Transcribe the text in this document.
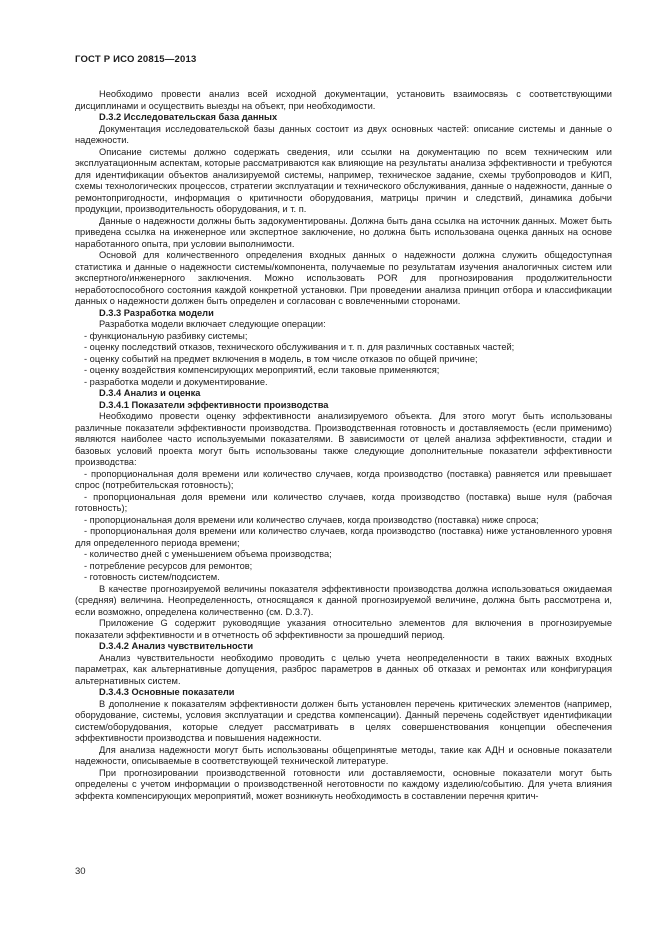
ГОСТ Р ИСО 20815—2013

Необходимо провести анализ всей исходной документации, установить взаимосвязь с соответствующими дисциплинами и осуществить выезды на объект, при необходимости.

D.3.2 Исследовательская база данных

Документация исследовательской базы данных состоит из двух основных частей: описание системы и данные о надежности.

Описание системы должно содержать сведения, или ссылки на документацию по всем техническим или эксплуатационным аспектам, которые рассматриваются как влияющие на результаты анализа эффективности и требуются для идентификации объектов анализируемой системы, например, техническое задание, схемы трубопроводов и КИП, схемы технологических процессов, стратегии эксплуатации и технического обслуживания, данные о надежности, данные о ремонтопригодности, информация о критичности оборудования, матрицы причин и следствий, динамика добычи продукции, производительность оборудования, и т. п.

Данные о надежности должны быть задокументированы. Должна быть дана ссылка на источник данных. Может быть приведена ссылка на инженерное или экспертное заключение, но должна быть использована оценка данных на основе наработанного опыта, при условии выполнимости.

Основой для количественного определения входных данных о надежности должна служить общедоступная статистика и данные о надежности системы/компонента, получаемые по результатам изучения аналогичных систем или экспертного/инженерного заключения. Можно использовать POR для прогнозирования продолжительности неработоспособного состояния каждой конкретной установки. При проведении анализа принцип отбора и классификации данных о надежности должен быть определен и согласован с вовлеченными сторонами.

D.3.3 Разработка модели

Разработка модели включает следующие операции:

- функциональную разбивку системы;

- оценку последствий отказов, технического обслуживания и т. п. для различных составных частей;

- оценку событий на предмет включения в модель, в том числе отказов по общей причине;

- оценку воздействия компенсирующих мероприятий, если таковые применяются;

- разработка модели и документирование.

D.3.4 Анализ и оценка

D.3.4.1 Показатели эффективности производства

Необходимо провести оценку эффективности анализируемого объекта. Для этого могут быть использованы различные показатели эффективности производства. Производственная готовность и доставляемость (если применимо) являются наиболее часто используемыми показателями. В зависимости от целей анализа эффективности, стадии и базовых условий проекта могут быть использованы также следующие дополнительные показатели эффективности производства:

- пропорциональная доля времени или количество случаев, когда производство (поставка) равняется или превышает спрос (потребительская готовность);

- пропорциональная доля времени или количество случаев, когда производство (поставка) выше нуля (рабочая готовность);

- пропорциональная доля времени или количество случаев, когда производство (поставка) ниже спроса;

- пропорциональная доля времени или количество случаев, когда производство (поставка) ниже установленного уровня для определенного периода времени;

- количество дней с уменьшением объема производства;

- потребление ресурсов для ремонтов;

- готовность систем/подсистем.

В качестве прогнозируемой величины показателя эффективности производства должна использоваться ожидаемая (средняя) величина. Неопределенность, относящаяся к данной прогнозируемой величине, должна быть рассмотрена и, если возможно, определена количественно (см. D.3.7).

Приложение G содержит руководящие указания относительно элементов для включения в прогнозируемые показатели эффективности и в отчетность об эффективности за прошедший период.

D.3.4.2 Анализ чувствительности

Анализ чувствительности необходимо проводить с целью учета неопределенности в таких важных входных параметрах, как альтернативные допущения, разброс параметров в данных об отказах и ремонтах или конфигурация альтернативных систем.

D.3.4.3 Основные показатели

В дополнение к показателям эффективности должен быть установлен перечень критических элементов (например, оборудование, системы, условия эксплуатации и средства компенсации). Данный перечень содействует идентификации систем/оборудования, которые следует рассматривать в целях совершенствования концепции обеспечения эффективности производства и повышения надежности.

Для анализа надежности могут быть использованы общепринятые методы, такие как АДН и основные показатели надежности, описываемые в соответствующей технической литературе.

При прогнозировании производственной готовности или доставляемости, основные показатели могут быть определены с учетом информации о производственной неготовности по каждому изделию/событию. Для учета влияния эффекта компенсирующих мероприятий, может возникнуть необходимость в составлении перечня критич-

30
